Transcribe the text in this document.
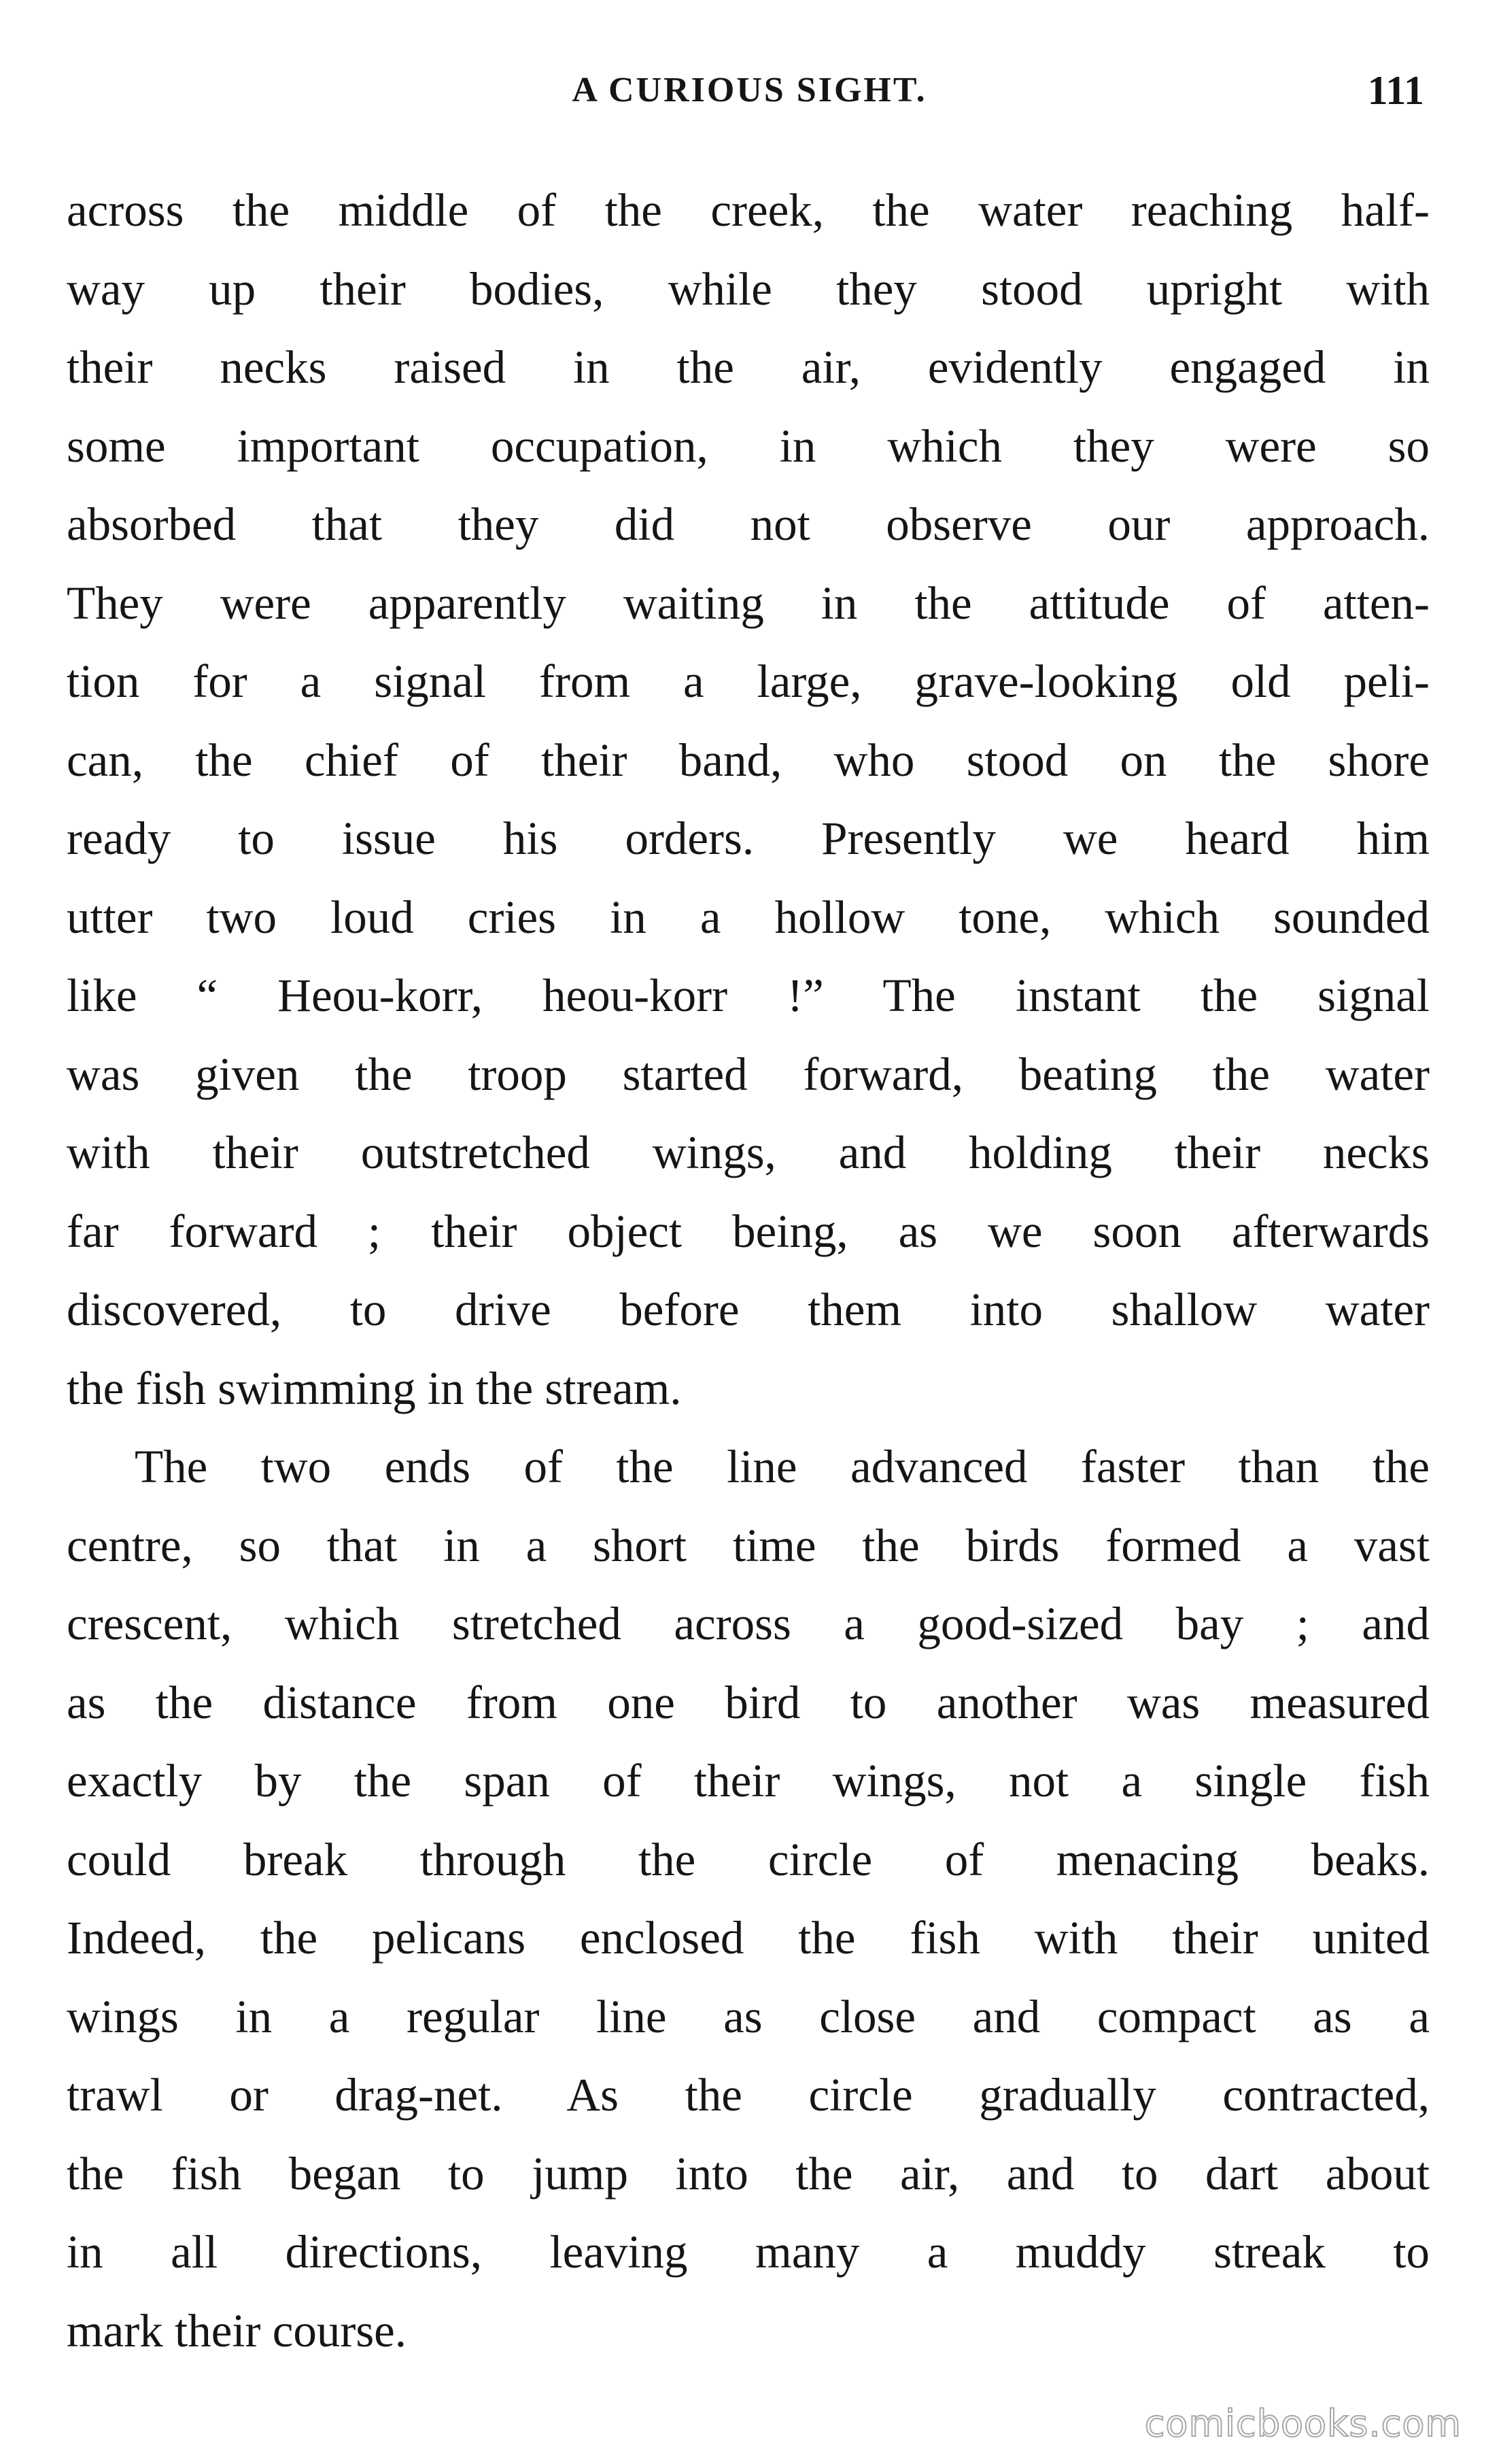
A CURIOUS SIGHT.	111
across the middle of the creek, the water reaching half-
way up their bodies, while they stood upright with
their necks raised in the air, evidently engaged in
some important occupation, in which they were so
absorbed that they did not observe our approach.
They were apparently waiting in the attitude of atten-
tion for a signal from a large, grave-looking old peli-
can, the chief of their band, who stood on the shore
ready to issue his orders. Presently we heard him
utter two loud cries in a hollow tone, which sounded
like “ Heou-korr, heou-korr !” The instant the signal
was given the troop started forward, beating the water
with their outstretched wings, and holding their necks
far forward ; their object being, as we soon afterwards
discovered, to drive before them into shallow water
the fish swimming in the stream.
The two ends of the line advanced faster than the
centre, so that in a short time the birds formed a vast
crescent, which stretched across a good-sized bay ; and
as the distance from one bird to another was measured
exactly by the span of their wings, not a single fish
could break through the circle of menacing beaks.
Indeed, the pelicans enclosed the fish with their united
wings in a regular line as close and compact as a
trawl or drag-net. As the circle gradually contracted,
the fish began to jump into the air, and to dart about
in all directions, leaving many a muddy streak to
mark their course.
comicbooks.com
